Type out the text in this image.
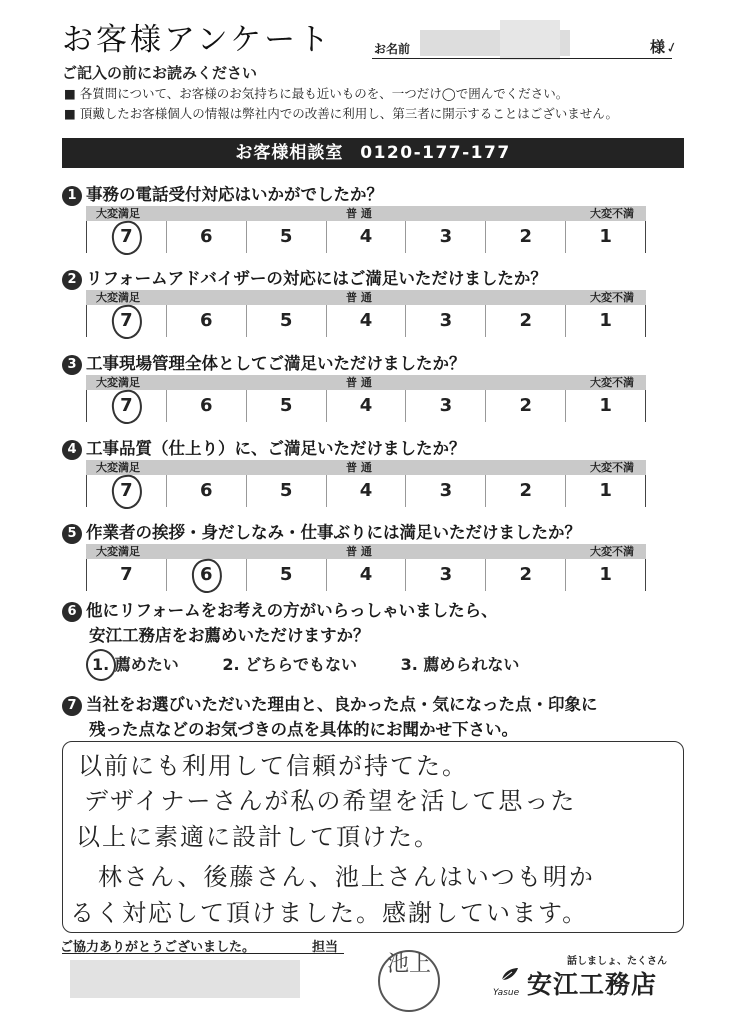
お客様アンケート	お名前	様 ✓
ご記入の前にお読みください
■ 各質問について、お客様のお気持ちに最も近いものを、一つだけ◯で囲んでください。
■ 頂戴したお客様個人の情報は弊社内での改善に利用し、第三者に開示することはございません。
お客様相談室 0120-177-177
1 事務の電話受付対応はいかがでしたか？
大変満足	普 通	大変不満
7	6	5	4	3	2	1
2 リフォームアドバイザーの対応にはご満足いただけましたか？
大変満足	普 通	大変不満
7	6	5	4	3	2	1
3 工事現場管理全体としてご満足いただけましたか？
大変満足	普 通	大変不満
7	6	5	4	3	2	1
4 工事品質（仕上り）に、ご満足いただけましたか？
大変満足	普 通	大変不満
7	6	5	4	3	2	1
5 作業者の挨拶・身だしなみ・仕事ぶりには満足いただけましたか？
大変満足	普 通	大変不満
7	6	5	4	3	2	1
6 他にリフォームをお考えの方がいらっしゃいましたら、
安江工務店をお薦めいただけますか？
1. 薦めたい	2. どちらでもない	3. 薦められない
7 当社をお選びいただいた理由と、良かった点・気になった点・印象に
残った点などのお気づきの点を具体的にお聞かせ下さい。
以前にも利用して信頼が持てた。
デザイナーさんが私の希望を活して思った
以上に素適に設計して頂けた。
林さん、後藤さん、池上さんはいつも明か
るく対応して頂けました。感謝しています。
ご協力ありがとうございました。	担当
池上	話しましょ、たくさん
安江工務店
Yasue
